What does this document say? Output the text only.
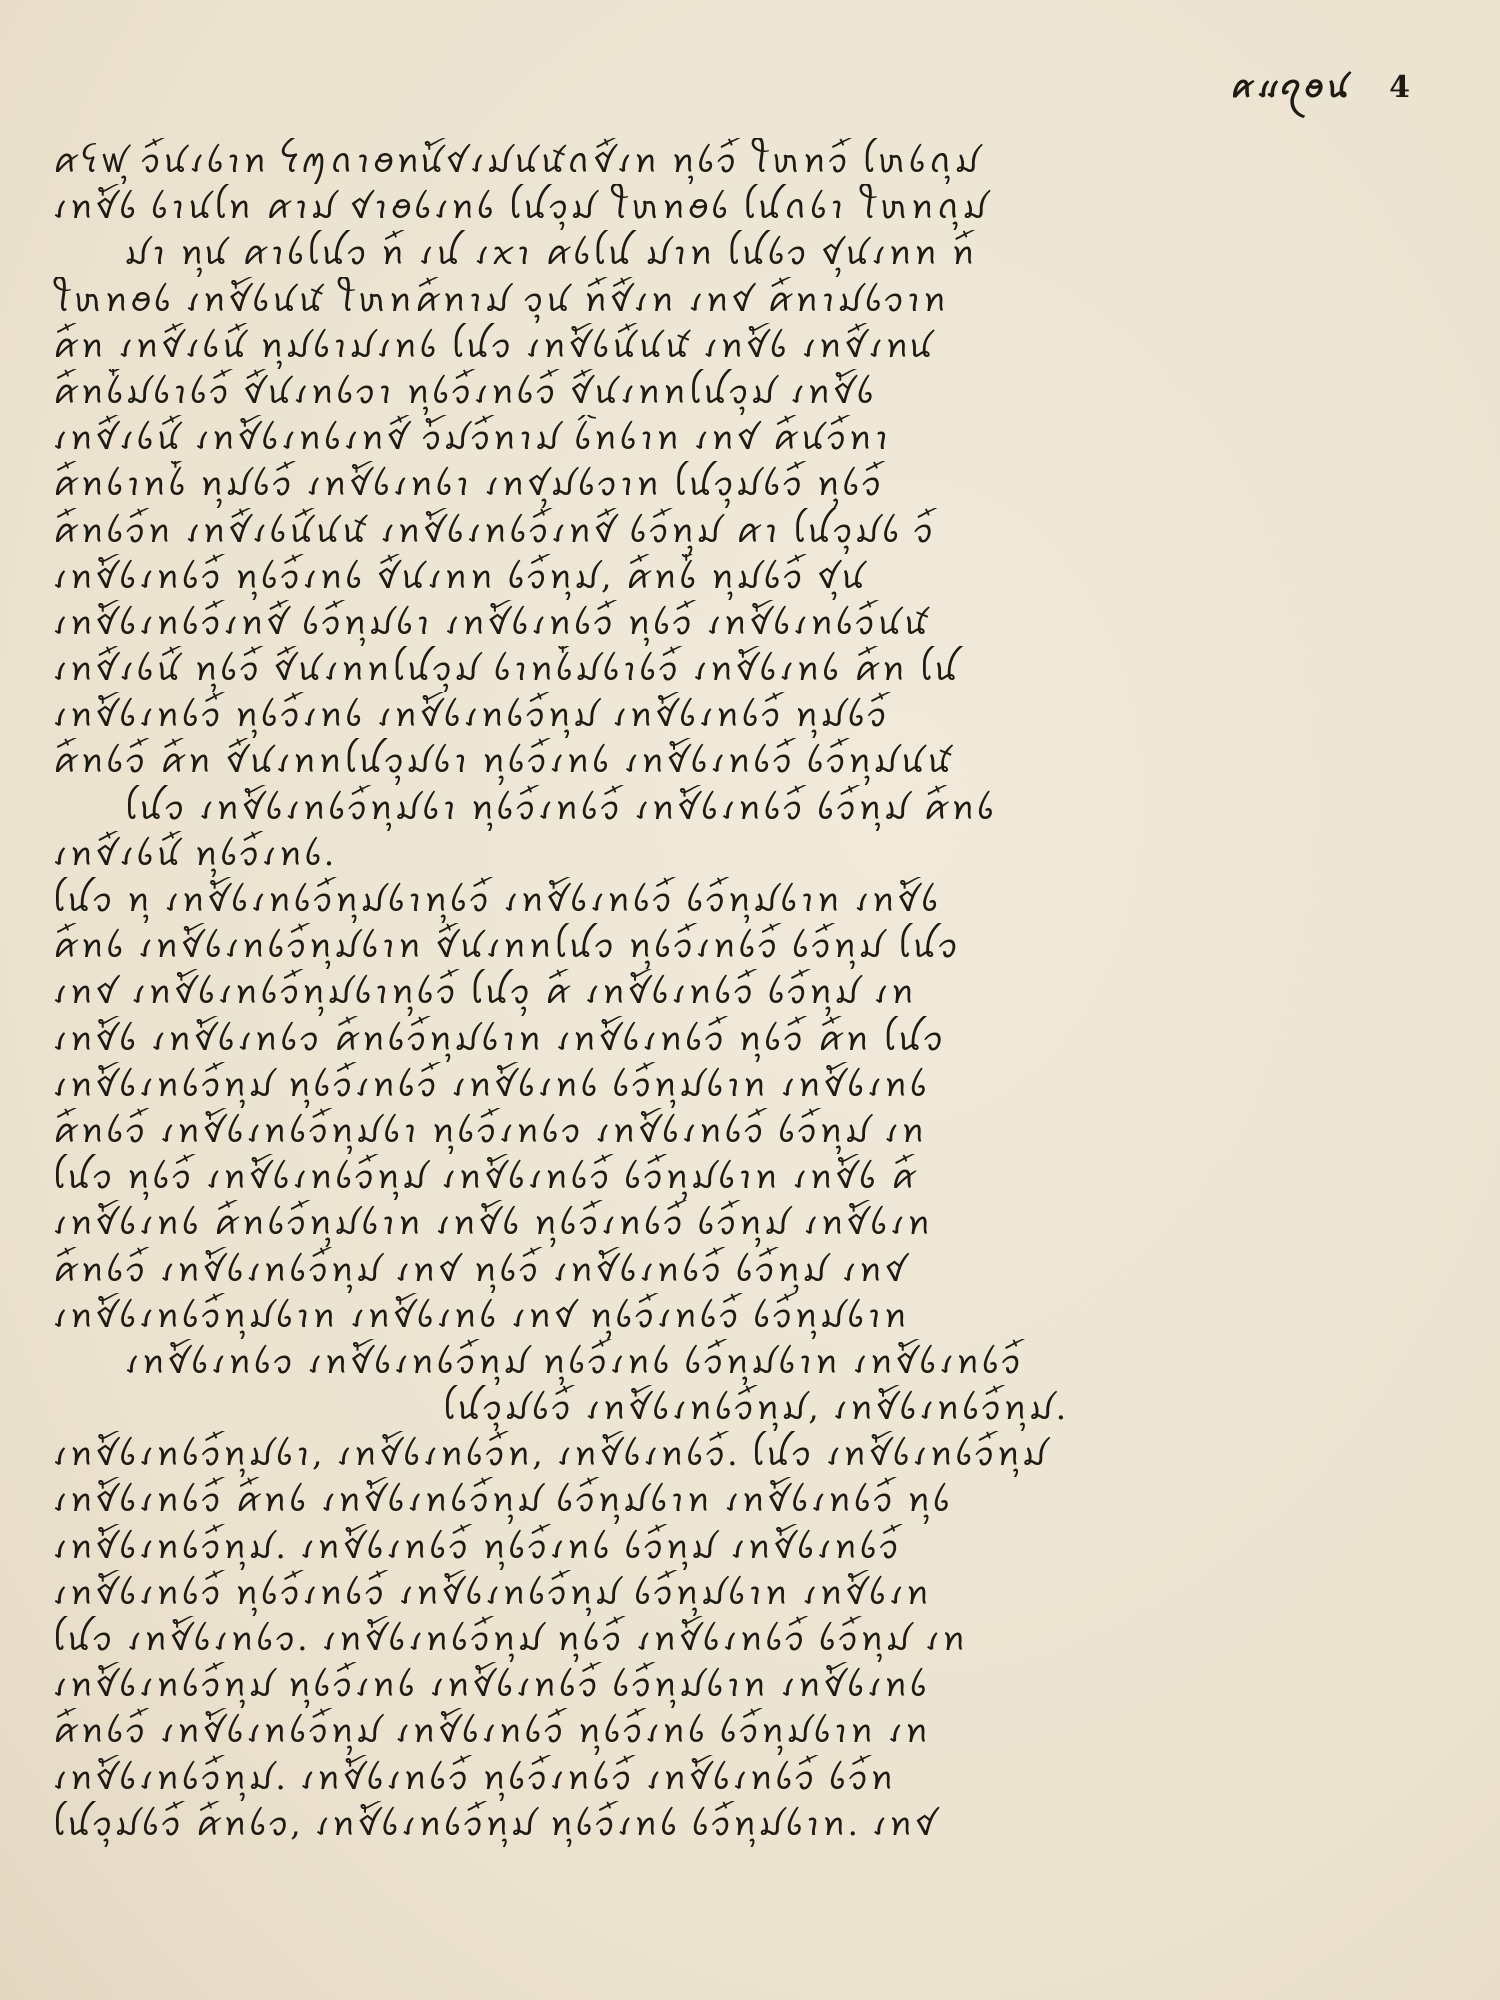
ꪁꪵꪖꪮꪙ 4
ꪁꪺꪝꪴ ꪫꪸꪙꪹꪉꪱꪀ ꪼꪑꪒꪱꪮꪀꪙꪳꪥꪹꪣꪙꪽꪒꪥꪸꪹꪀ ꪀꪴꪉꪫꪸ ꪻꪬꪀꪫꪸ ꪶꪬꪉꪒꪴꪣ
ꪹꪀꪥꪳꪉ ꪉꪱꪙꪶꪀ ꪁꪱꪣ ꪥꪱꪮꪉꪹꪀꪉ ꪶꪊꪫꪴꪣ ꪻꪬꪀꪮꪉ ꪶꪊꪒꪉꪱ ꪻꪬꪀꪒꪴꪣ
ꪣꪱ ꪀꪴꪙ ꪁꪱꪉꪶꪊꪫ ꪀꪸ ꪹꪊ ꪹꪎꪱ ꪁꪉꪶꪊ ꪣꪱꪀ ꪶꪊꪉꪫ ꪥꪴꪙꪹꪀꪀ ꪀꪸ
ꪻꪬꪀꪮꪉ ꪹꪀꪥꪳꪉꪙꪽ ꪻꪬꪀꪁꪸꪀꪱꪣ ꪫꪴꪙ ꪀꪸꪥꪸꪹꪀ ꪹꪀꪥ ꪁꪸꪀꪱꪣꪉꪫꪱꪀ
ꪁꪸꪀ ꪹꪀꪥꪸꪹꪉꪙꪸ ꪀꪴꪣꪉꪱꪣꪹꪀꪉ ꪶꪊꪫ ꪹꪀꪥꪳꪉꪙꪸꪙꪽ ꪹꪀꪥꪳꪉ ꪹꪀꪥꪸꪹꪀꪙ
ꪁꪸꪀꪉꪳꪣꪉꪱꪉꪫꪸ ꪥꪸꪙꪹꪀꪉꪫꪱ ꪀꪴꪉꪫꪸꪹꪀꪉꪫꪸ ꪥꪸꪙꪹꪀꪀꪶꪊꪫꪴꪣ ꪹꪀꪥꪳꪉ
ꪹꪀꪥꪸꪹꪉꪙꪸ ꪹꪀꪥꪳꪉꪹꪀꪉꪹꪀꪥꪸ ꪫꪳꪣꪫꪸꪀꪱꪣ ꪉꪲꪀꪉꪱꪀ ꪹꪀꪥ ꪁꪸꪙꪫꪸꪀꪱ
ꪁꪸꪀꪉꪱꪀꪉꪳ ꪀꪴꪣꪉꪫꪸ ꪹꪀꪥꪳꪉꪹꪀꪉꪱ ꪹꪀꪥꪴꪣꪉꪫꪱꪀ ꪶꪊꪫꪴꪣꪉꪫꪸ ꪀꪴꪉꪫꪸ
ꪁꪸꪀꪉꪫꪸꪀ ꪹꪀꪥꪸꪹꪉꪙꪸꪙꪽ ꪹꪀꪥꪳꪉꪹꪀꪉꪫꪸꪹꪀꪥꪸ ꪉꪫꪸꪀꪴꪣ ꪁꪱ ꪶꪊꪫꪴꪣꪉ ꪫꪸ
ꪹꪀꪥꪳꪉꪹꪀꪉꪫꪸ ꪀꪴꪉꪫꪸꪹꪀꪉ ꪥꪸꪙꪹꪀꪀ ꪉꪫꪸꪀꪴꪣ, ꪁꪸꪀꪉꪳ ꪀꪴꪣꪉꪫꪸ ꪥꪴꪙ
ꪹꪀꪥꪳꪉꪹꪀꪉꪫꪸꪹꪀꪥꪸ ꪉꪫꪸꪀꪴꪣꪉꪱ ꪹꪀꪥꪳꪉꪹꪀꪉꪫꪸ ꪀꪴꪉꪫꪸ ꪹꪀꪥꪳꪉꪹꪀꪉꪫꪸꪙꪽ
ꪹꪀꪥꪸꪹꪉꪙꪸ ꪀꪴꪉꪫꪸ ꪥꪸꪙꪹꪀꪀꪶꪊꪫꪴꪣ ꪉꪱꪀꪉꪳꪣꪉꪱꪉꪫꪸ ꪹꪀꪥꪳꪉꪹꪀꪉ ꪁꪸꪀ ꪶꪊ
ꪹꪀꪥꪳꪉꪹꪀꪉꪫꪸ ꪀꪴꪉꪫꪸꪹꪀꪉ ꪹꪀꪥꪳꪉꪹꪀꪉꪫꪸꪀꪴꪣ ꪹꪀꪥꪳꪉꪹꪀꪉꪫꪸ ꪀꪴꪣꪉꪫꪸ
ꪁꪸꪀꪉꪫꪸ ꪁꪸꪀ ꪥꪸꪙꪹꪀꪀꪶꪊꪫꪴꪣꪉꪱ ꪀꪴꪉꪫꪸꪹꪀꪉ ꪹꪀꪥꪳꪉꪹꪀꪉꪫꪸ ꪉꪫꪸꪀꪴꪣꪙꪽ
ꪶꪊꪫ ꪹꪀꪥꪳꪉꪹꪀꪉꪫꪸꪀꪴꪣꪉꪱ ꪀꪴꪉꪫꪸꪹꪀꪉꪫꪸ ꪹꪀꪥꪳꪉꪹꪀꪉꪫꪸ ꪉꪫꪸꪀꪴꪣ ꪁꪸꪀꪉ
ꪹꪀꪥꪸꪹꪉꪙꪸ ꪀꪴꪉꪫꪸꪹꪀꪉ.
ꪶꪊꪫ ꪀꪴ ꪹꪀꪥꪳꪉꪹꪀꪉꪫꪸꪀꪴꪣꪉꪱꪀꪴꪉꪫꪸ ꪹꪀꪥꪳꪉꪹꪀꪉꪫꪸ ꪉꪫꪸꪀꪴꪣꪉꪱꪀ ꪹꪀꪥꪳꪉ
ꪁꪸꪀꪉ ꪹꪀꪥꪳꪉꪹꪀꪉꪫꪸꪀꪴꪣꪉꪱꪀ ꪥꪸꪙꪹꪀꪀꪶꪊꪫ ꪀꪴꪉꪫꪸꪹꪀꪉꪫꪸ ꪉꪫꪸꪀꪴꪣ ꪶꪊꪫ
ꪹꪀꪥ ꪹꪀꪥꪳꪉꪹꪀꪉꪫꪸꪀꪴꪣꪉꪱꪀꪴꪉꪫꪸ ꪶꪊꪫꪴ ꪁꪸ ꪹꪀꪥꪳꪉꪹꪀꪉꪫꪸ ꪉꪫꪸꪀꪴꪣ ꪹꪀ
ꪹꪀꪥꪳꪉ ꪹꪀꪥꪳꪉꪹꪀꪉꪫ ꪁꪸꪀꪉꪫꪸꪀꪴꪣꪉꪱꪀ ꪹꪀꪥꪳꪉꪹꪀꪉꪫꪸ ꪀꪴꪉꪫꪸ ꪁꪸꪀ ꪶꪊꪫ
ꪹꪀꪥꪳꪉꪹꪀꪉꪫꪸꪀꪴꪣ ꪀꪴꪉꪫꪸꪹꪀꪉꪫꪸ ꪹꪀꪥꪳꪉꪹꪀꪉ ꪉꪫꪸꪀꪴꪣꪉꪱꪀ ꪹꪀꪥꪳꪉꪹꪀꪉ
ꪁꪸꪀꪉꪫꪸ ꪹꪀꪥꪳꪉꪹꪀꪉꪫꪸꪀꪴꪣꪉꪱ ꪀꪴꪉꪫꪸꪹꪀꪉꪫ ꪹꪀꪥꪳꪉꪹꪀꪉꪫꪸ ꪉꪫꪸꪀꪴꪣ ꪹꪀ
ꪶꪊꪫ ꪀꪴꪉꪫꪸ ꪹꪀꪥꪳꪉꪹꪀꪉꪫꪸꪀꪴꪣ ꪹꪀꪥꪳꪉꪹꪀꪉꪫꪸ ꪉꪫꪸꪀꪴꪣꪉꪱꪀ ꪹꪀꪥꪳꪉ ꪁꪸ
ꪹꪀꪥꪳꪉꪹꪀꪉ ꪁꪸꪀꪉꪫꪸꪀꪴꪣꪉꪱꪀ ꪹꪀꪥꪳꪉ ꪀꪴꪉꪫꪸꪹꪀꪉꪫꪸ ꪉꪫꪸꪀꪴꪣ ꪹꪀꪥꪳꪉꪹꪀ
ꪁꪸꪀꪉꪫꪸ ꪹꪀꪥꪳꪉꪹꪀꪉꪫꪸꪀꪴꪣ ꪹꪀꪥ ꪀꪴꪉꪫꪸ ꪹꪀꪥꪳꪉꪹꪀꪉꪫꪸ ꪉꪫꪸꪀꪴꪣ ꪹꪀꪥ
ꪹꪀꪥꪳꪉꪹꪀꪉꪫꪸꪀꪴꪣꪉꪱꪀ ꪹꪀꪥꪳꪉꪹꪀꪉ ꪹꪀꪥ ꪀꪴꪉꪫꪸꪹꪀꪉꪫꪸ ꪉꪫꪸꪀꪴꪣꪉꪱꪀ
ꪹꪀꪥꪳꪉꪹꪀꪉꪫ ꪹꪀꪥꪳꪉꪹꪀꪉꪫꪸꪀꪴꪣ ꪀꪴꪉꪫꪸꪹꪀꪉ ꪉꪫꪸꪀꪴꪣꪉꪱꪀ ꪹꪀꪥꪳꪉꪹꪀꪉꪫꪸ
ꪶꪊꪫꪴꪣꪉꪫꪸ ꪹꪀꪥꪳꪉꪹꪀꪉꪫꪸꪀꪴꪣ, ꪹꪀꪥꪳꪉꪹꪀꪉꪫꪸꪀꪴꪣ.
ꪹꪀꪥꪳꪉꪹꪀꪉꪫꪸꪀꪴꪣꪉꪱ, ꪹꪀꪥꪳꪉꪹꪀꪉꪫꪸꪀ, ꪹꪀꪥꪳꪉꪹꪀꪉꪫꪸ. ꪶꪊꪫ ꪹꪀꪥꪳꪉꪹꪀꪉꪫꪸꪀꪴꪣ
ꪹꪀꪥꪳꪉꪹꪀꪉꪫꪸ ꪁꪸꪀꪉ ꪹꪀꪥꪳꪉꪹꪀꪉꪫꪸꪀꪴꪣ ꪉꪫꪸꪀꪴꪣꪉꪱꪀ ꪹꪀꪥꪳꪉꪹꪀꪉꪫꪸ ꪀꪴꪉ
ꪹꪀꪥꪳꪉꪹꪀꪉꪫꪸꪀꪴꪣ. ꪹꪀꪥꪳꪉꪹꪀꪉꪫꪸ ꪀꪴꪉꪫꪸꪹꪀꪉ ꪉꪫꪸꪀꪴꪣ ꪹꪀꪥꪳꪉꪹꪀꪉꪫꪸ
ꪹꪀꪥꪳꪉꪹꪀꪉꪫꪸ ꪀꪴꪉꪫꪸꪹꪀꪉꪫꪸ ꪹꪀꪥꪳꪉꪹꪀꪉꪫꪸꪀꪴꪣ ꪉꪫꪸꪀꪴꪣꪉꪱꪀ ꪹꪀꪥꪳꪉꪹꪀ
ꪶꪊꪫ ꪹꪀꪥꪳꪉꪹꪀꪉꪫ. ꪹꪀꪥꪳꪉꪹꪀꪉꪫꪸꪀꪴꪣ ꪀꪴꪉꪫꪸ ꪹꪀꪥꪳꪉꪹꪀꪉꪫꪸ ꪉꪫꪸꪀꪴꪣ ꪹꪀ
ꪹꪀꪥꪳꪉꪹꪀꪉꪫꪸꪀꪴꪣ ꪀꪴꪉꪫꪸꪹꪀꪉ ꪹꪀꪥꪳꪉꪹꪀꪉꪫꪸ ꪉꪫꪸꪀꪴꪣꪉꪱꪀ ꪹꪀꪥꪳꪉꪹꪀꪉ
ꪁꪸꪀꪉꪫꪸ ꪹꪀꪥꪳꪉꪹꪀꪉꪫꪸꪀꪴꪣ ꪹꪀꪥꪳꪉꪹꪀꪉꪫꪸ ꪀꪴꪉꪫꪸꪹꪀꪉ ꪉꪫꪸꪀꪴꪣꪉꪱꪀ ꪹꪀ
ꪹꪀꪥꪳꪉꪹꪀꪉꪫꪸꪀꪴꪣ. ꪹꪀꪥꪳꪉꪹꪀꪉꪫꪸ ꪀꪴꪉꪫꪸꪹꪀꪉꪫꪸ ꪹꪀꪥꪳꪉꪹꪀꪉꪫꪸ ꪉꪫꪸꪀ
ꪶꪊꪫꪴꪣꪉꪫꪸ ꪁꪸꪀꪉꪫ, ꪹꪀꪥꪳꪉꪹꪀꪉꪫꪸꪀꪴꪣ ꪀꪴꪉꪫꪸꪹꪀꪉ ꪉꪫꪸꪀꪴꪣꪉꪱꪀ. ꪹꪀꪥ
